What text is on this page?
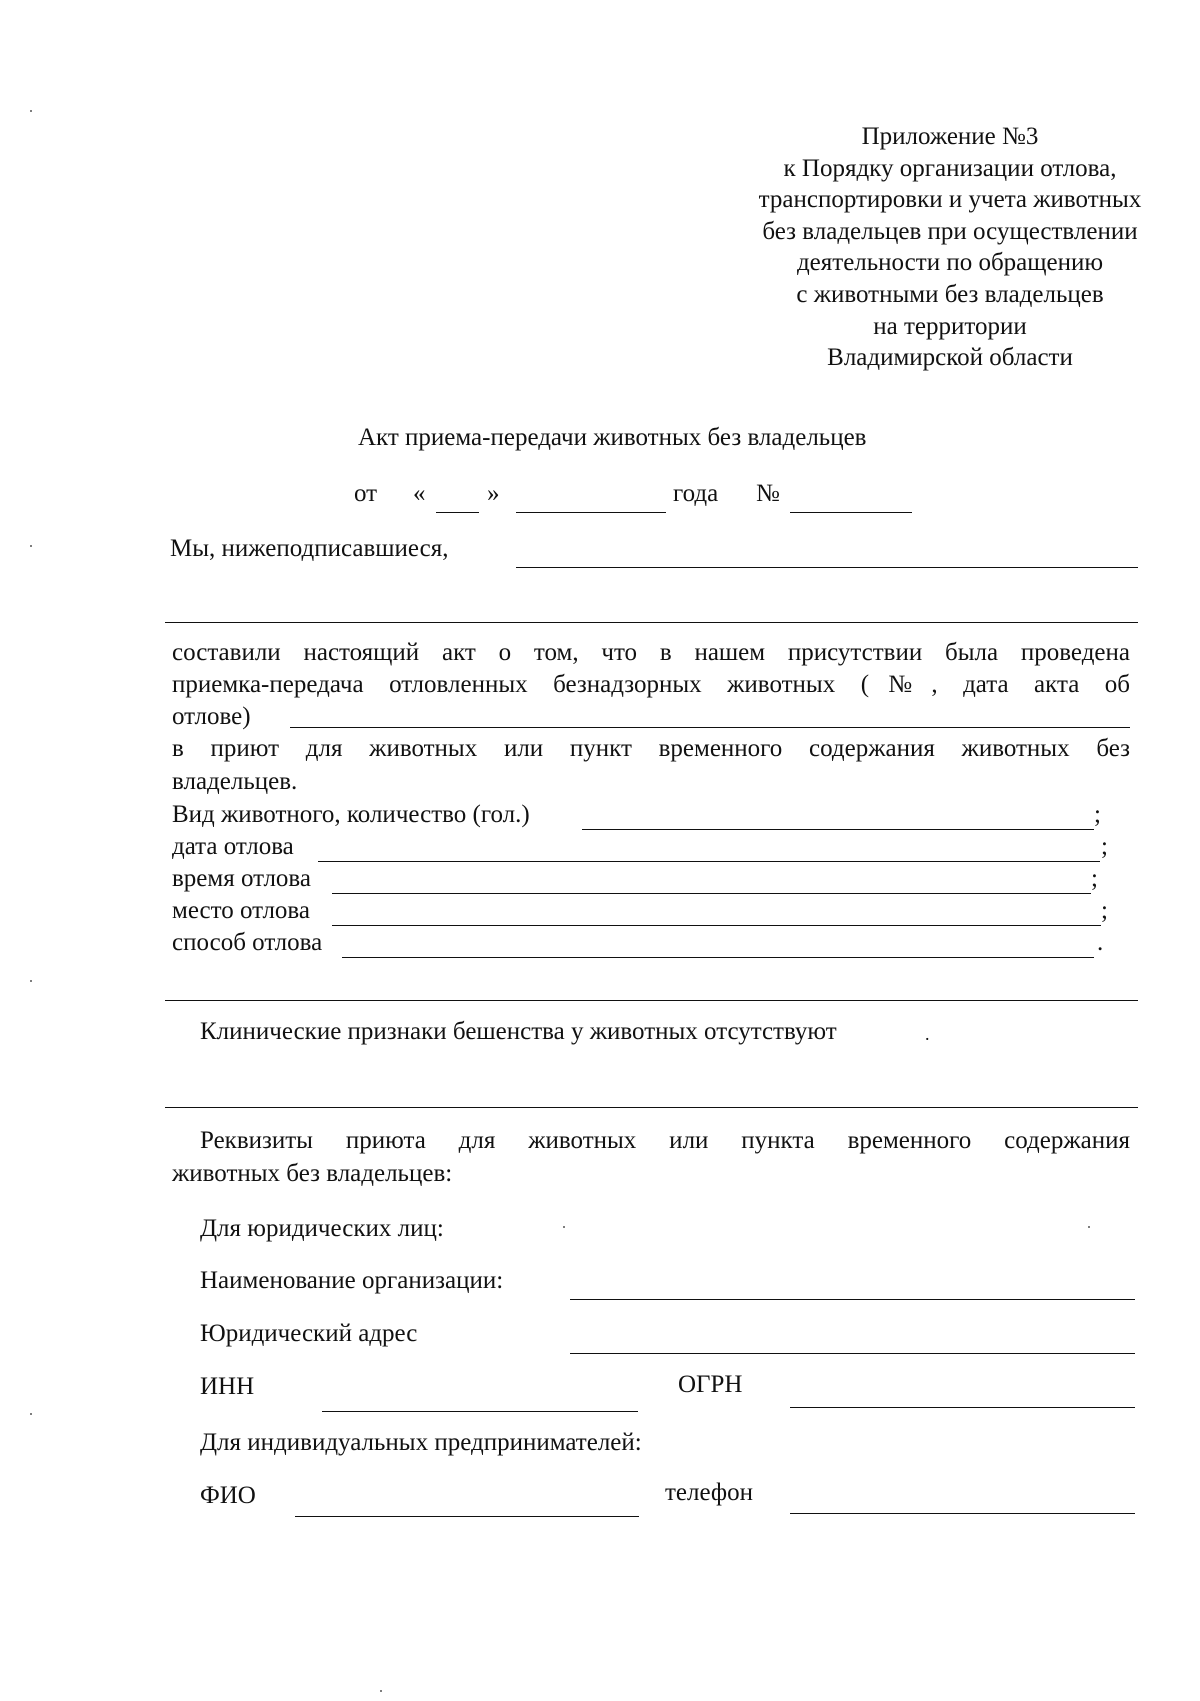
Приложение №3
к Порядку организации отлова,
транспортировки и учета животных
без владельцев при осуществлении
деятельности по обращению
с животными без владельцев
на территории
Владимирской области
Акт приема-передачи животных без владельцев
от « »	года №
Мы, нижеподписавшиеся,
составили настоящий акт о том, что в нашем присутствии была проведена
приемка-передача отловленных безнадзорных животных (№, дата акта об
отлове)
в приют для животных или пункт временного содержания животных без
владельцев.
Вид животного, количество (гол.)	;
дата отлова	;
время отлова	;
место отлова	;
способ отлова	.
Клинические признаки бешенства у животных отсутствуют	.
Реквизиты приюта для животных или пункта временного содержания
животных без владельцев:
Для юридических лиц:
Наименование организации:
Юридический адрес
ИНН	ОГРН
Для индивидуальных предпринимателей:
ФИО	телефон
